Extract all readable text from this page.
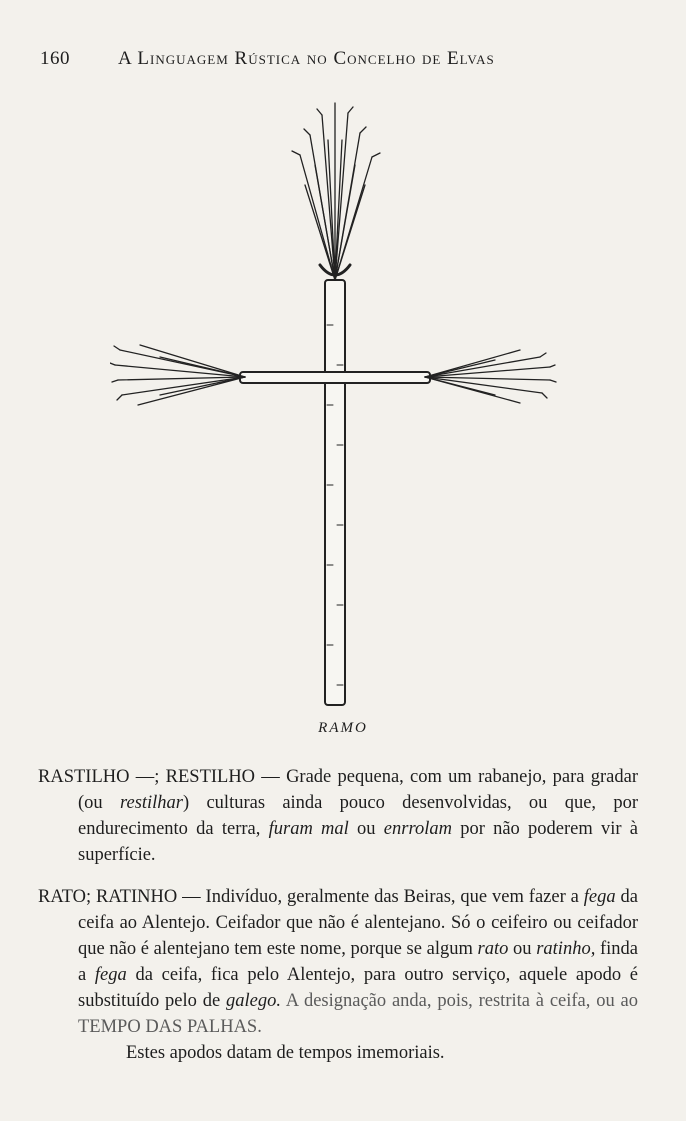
160	A Linguagem Rústica no Concelho de Elvas
RAMO

RASTILHO —; RESTILHO — Grade pequena, com um rabanejo, para gradar (ou restilhar) culturas ainda pouco desenvolvidas, ou que, por endurecimento da terra, furam mal ou enrrolam por não poderem vir à superfície.

RATO; RATINHO — Indivíduo, geralmente das Beiras, que vem fazer a fega da ceifa ao Alentejo. Ceifador que não é alentejano. Só o ceifeiro ou ceifador que não é alentejano tem este nome, porque se algum rato ou ratinho, finda a fega da ceifa, fica pelo Alentejo, para outro serviço, aquele apodo é substituído pelo de galego. A designação anda, pois, restrita à ceifa, ou ao TEMPO DAS PALHAS.

Estes apodos datam de tempos imemoriais.
